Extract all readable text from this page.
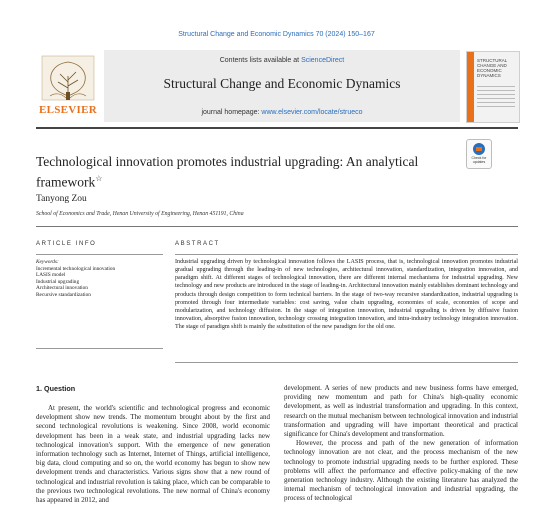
Structural Change and Economic Dynamics 70 (2024) 150–167
ELSEVIER
Contents lists available at ScienceDirect
Structural Change and Economic Dynamics
journal homepage: www.elsevier.com/locate/strueco
STRUCTURAL CHANGE AND ECONOMIC DYNAMICS
Technological innovation promotes industrial upgrading: An analytical framework☆
Check for updates
Tanyong Zou
School of Economics and Trade, Henan University of Engineering, Henan 451191, China
ARTICLE INFO
Keywords:
Incremental technological innovation
LASIS model
Industrial upgrading
Architectural innovation
Recursive standardization
ABSTRACT
Industrial upgrading driven by technological innovation follows the LASIS process, that is, technological innovation promotes industrial gradual upgrading through the leading-in of new technologies, architectural innovation, standardization, integration innovation, and paradigm shift. At different stages of technological innovation, there are different internal mechanisms for industrial upgrading. New technology and new products are introduced in the stage of leading-in. Architectural innovation mainly establishes dominant technology and products through design competition to form technical barriers. In the stage of two-way recursive standardization, industrial upgrading is promoted through four intermediate variables: cost saving, value chain upgrading, economies of scale, economies of scope and modularization, and technology diffusion. In the stage of integration innovation, industrial upgrading is driven by diffusive fusion innovation, absorptive fusion innovation, technology crossing integration innovation, and intra-industry technology integration innovation. The stage of paradigm shift is mainly the substitution of the new paradigm for the old one.
1. Question

At present, the world's scientific and technological progress and economic development show new trends. The momentum brought about by the first and second technological revolutions is weakening. Since 2008, world economic development has been in a weak state, and industrial upgrading lacks new technological innovation's support. With the emergence of new generation information technology such as Internet, Internet of Things, artificial intelligence, big data, cloud computing and so on, the world economy has begun to show new development trends and characteristics. Various signs show that a new round of technological and industrial revolution is taking place, which can be comparable to the previous two technological revolutions. The new normal of China's economy has appeared in 2012, and

development. A series of new products and new business forms have emerged, providing new momentum and path for China's high-quality economic development, as well as industrial transformation and upgrading. In this context, research on the mutual mechanism between technological innovation and industrial transformation and upgrading will have important theoretical and practical significance for China's development and transformation.

However, the process and path of the new generation of information technology innovation are not clear, and the process mechanism of the new technology to promote industrial upgrading needs to be further explored. These problems will affect the performance and effective policy-making of the new generation technology industry. Although the existing literature has analyzed the internal mechanism of technological innovation and industrial upgrading, the process of technological
